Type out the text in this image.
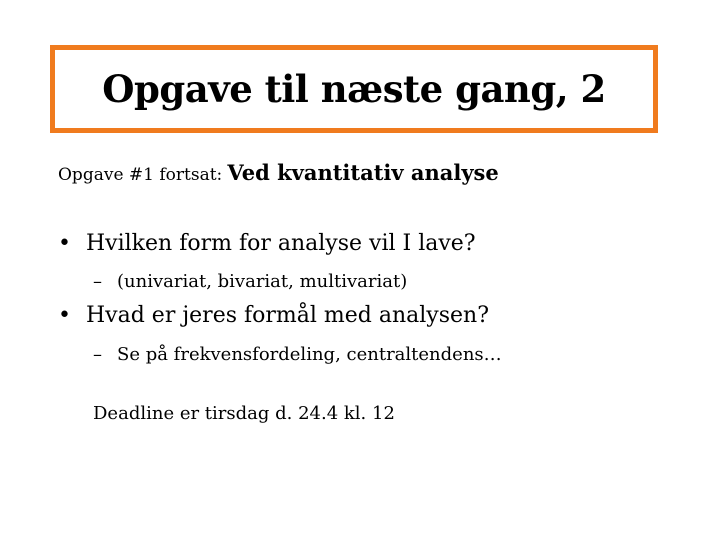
Opgave til næste gang, 2
Opgave #1 fortsat: Ved kvantitativ analyse
• Hvilken form for analyse vil I lave?
– (univariat, bivariat, multivariat)
• Hvad er jeres formål med analysen?
– Se på frekvensfordeling, centraltendens…
Deadline er tirsdag d. 24.4 kl. 12
